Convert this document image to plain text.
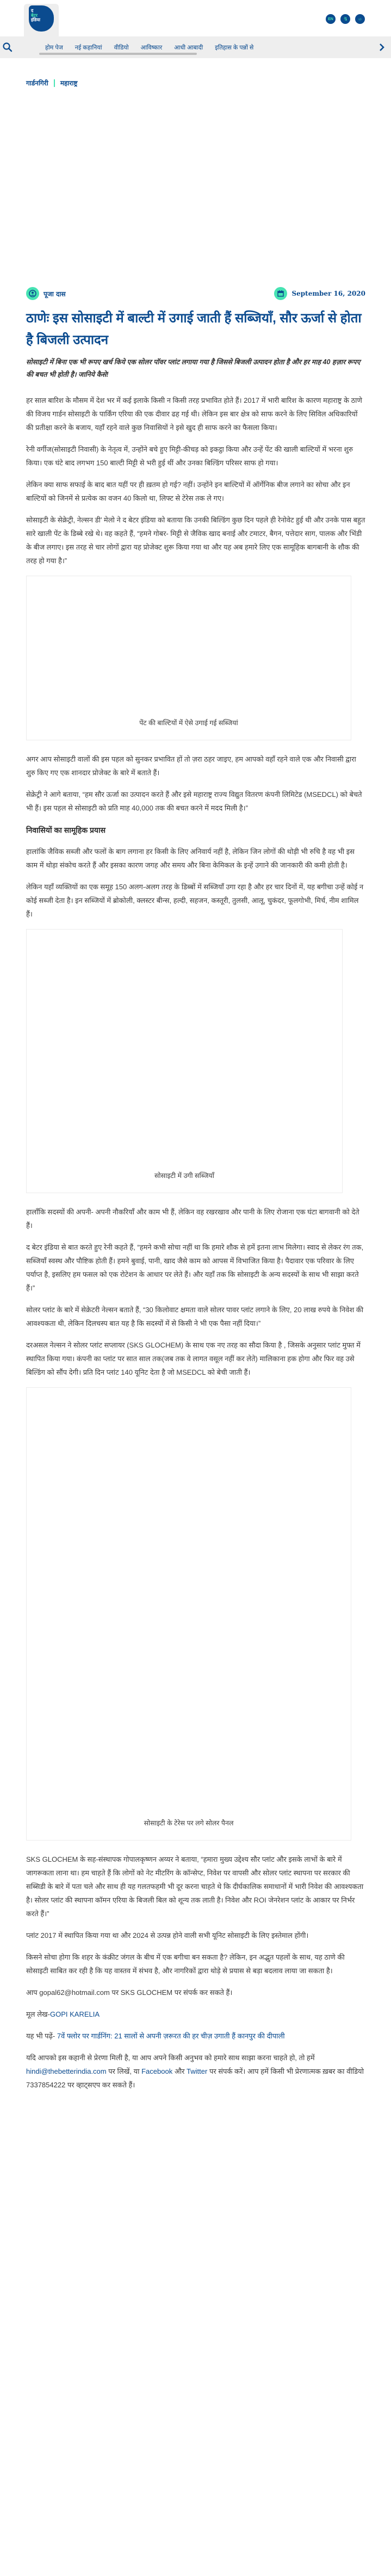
द
बेटर
इंडिया	EN	ગુ	ம
होम पेज	नई कहानियां	वीडियो	आविष्कार	आधी आबादी	इतिहास के पन्नों से
गार्डनगिरी महाराष्ट्र
पूजा दास	September 16, 2020
ठाणेः इस सोसाइटी में बाल्टी में उगाई जाती हैं सब्जियाँ, सौर ऊर्जा से होता है बिजली उत्पादन
सोसाइटी में बिना एक भी रूपए खर्च किये एक सोलर पॉवर प्लांट लगाया गया है जिससे बिजली उत्पादन होता है और हर माह 40 हज़ार रूपए की बचत भी होती है। जानिये कैसे!

हर साल बारिश के मौसम में देश भर में कई इलाके किसी न किसी तरह प्रभावित होते हैं। 2017 में भारी बारिश के कारण महाराष्ट्र के ठाणे की विजय गार्डन सोसाइटी के पार्किंग एरिया की एक दीवार ढह गई थी। लेकिन इस बार क्षेत्र को साफ करने के लिए सिविल अधिकारियों की प्रतीक्षा करने के बजाय, यहाँ रहने वाले कुछ निवासियों ने इसे खुद ही साफ करने का फैसला किया।

रेनी वर्गीज(सोसाइटी निवासी) के नेतृत्व में, उन्होंने बचे हुए मिट्टी-कीचड़ को इकट्ठा किया और उन्हें पेंट की खाली बाल्टियों में भरना शुरु किया। एक घंटे बाद लगभग 150 बाल्टी मिट्टी से भरी हुई थीं और उनका बिल्डिंग परिसर साफ हो गया।

लेकिन क्या साफ सफाई के बाद बात यहीं पर ही ख़तम हो गई? नहीं। उन्होंने इन बाल्टियों में ऑर्गेनिक बीज लगाने का सोचा और इन बाल्टियों को जिनमें से प्रत्येक का वजन 40 किलो था, लिफ्ट से टेरेस तक ले गए।

सोसाइटी के सेक्रेट्री, नेल्सन डी’ मेलो ने द बेटर इंडिया को बताया कि उनकी बिल्डिंग कुछ दिन पहले ही रेनोवेट हुई थी और उनके पास बहुत सारे खाली पेंट के डिब्बे रखे थे। वह कहते हैं, “हमने गोबर- मिट्टी से जैविक खाद बनाई और टमाटर, बैगन, पत्तेदार साग, पालक और भिंडी के बीज लगाए। इस तरह से चार लोगों द्वारा यह प्रोजेक्ट शुरू किया गया था और यह अब हमारे लिए एक सामूहिक बागबानी के शौक की तरह हो गया है।”

पेंट की बाल्टियों में ऐसे उगाई गई सब्जियां

अगर आप सोसाइटी वालों की इस पहल को सुनकर प्रभावित हों तो ज़रा ठहर जाइए, हम आपको वहाँ रहने वाले एक और निवासी द्वारा शुरु किए गए एक शानदार प्रोजेक्ट के बारे में बताते हैं।

सेक्रेट्री ने आगे बताया, “हम सौर ऊर्जा का उत्पादन करते हैं और इसे महाराष्ट्र राज्य विद्युत वितरण कंपनी लिमिटेड (MSEDCL) को बेचते भी हैं। इस पहल से सोसाइटी को प्रति माह 40,000 तक की बचत करने में मदद मिली है।”

निवासियों का सामूहिक प्रयास

हालांकि जैविक सब्जी और फलों के बाग लगाना हर किसी के लिए अनिवार्य नहीं है, लेकिन जिन लोगों की थोड़ी भी रुचि है वह भी इस काम में थोड़ा संकोच करते हैं और इसका कारण जगह और समय और बिना केमिकल के इन्हें उगाने की जानकारी की कमी होती है।

लेकिन यहाँ व्यक्तियों का एक समूह 150 अलग-अलग तरह के डिब्बों में सब्जियाँ उगा रहा है और हर चार दिनों में, यह बगीचा उन्हें कोई न कोई सब्जी देता है। इन सब्जियों में ब्रोकोली, क्लस्टर बीन्स, हल्दी, सहजन, कस्तूरी, तुलसी, आलू, चुकंदर, फूलगोभी, मिर्च, नीम शामिल हैं।

सोसाइटी में उगी सब्जियाँ

हालाँकि सदस्यों की अपनी- अपनी नौकरियाँ और काम भी हैं, लेकिन वह रखरखाव और पानी के लिए रोजाना एक घंटा बागवानी को देते हैं।

द बेटर इंडिया से बात करते हुए रेनी कहते हैं, “हमने कभी सोचा नहीं था कि हमारे शौक से हमें इतना लाभ मिलेगा। स्वाद से लेकर रंग तक, सब्जियाँ स्वस्थ और पौष्टिक होती हैं। हमने बुवाई, पानी, खाद जैसे काम को आपस में विभाजित किया है। पैदावार एक परिवार के लिए पर्याप्त है, इसलिए हम फसल को एक रोटेशन के आधार पर लेते हैं। और यहाँ तक कि सोसाइटी के अन्य सदस्यों के साथ भी साझा करते हैं।”

सोलर प्लांट के बारे में सेक्रेटरी नेल्सन बताते हैं, “30 किलोवाट क्षमता वाले सोलर पावर प्लांट लगाने के लिए, 20 लाख रुपये के निवेश की आवश्यकता थी, लेकिन दिलचस्प बात यह है कि सदस्यों में से किसी ने भी एक पैसा नहीं दिया।”

दरअसल नेल्सन ने सोलर प्लांट सप्लायर (SKS GLOCHEM) के साथ एक नए तरह का सौदा किया है , जिसके अनुसार प्लांट मुफ्त में स्थापित किया गया। कंपनी का प्लांट पर सात साल तक(जब तक वे लागत वसूल नहीं कर लेते) मालिकाना हक होगा और फिर वह उसे बिल्डिंग को सौंप देगी। प्रति दिन प्लांट 140 यूनिट देता है जो MSEDCL को बेची जाती हैं।

सोसाइटी के टेरेस पर लगे सोलर पैनल

SKS GLOCHEM के सह-संस्थापक गोपालकृष्णन अय्यर ने बताया, “हमारा मुख्य उद्देश्य सौर प्लांट और इसके लाभों के बारे में जागरूकता लाना था। हम चाहते हैं कि लोगों को नेट मीटरिंग के कॉन्सेप्ट, निवेश पर वापसी और सोलर प्लांट स्थापना पर सरकार की सब्सिडी के बारे में पता चले और साथ ही यह गलतफहमी भी दूर करना चाहते थे कि दीर्घकालिक समाधानों में भारी निवेश की आवश्यकता है। सोलर प्लांट की स्थापना कॉमन एरिया के बिजली बिल को शून्य तक लाती है। निवेश और ROI जेनरेशन प्लांट के आकार पर निर्भर करते हैं।”

प्लांट 2017 में स्थापित किया गया था और 2024 से उत्पन्न होने वाली सभी यूनिट सोसाइटी के लिए इस्तेमाल होंगी।

किसने सोचा होगा कि शहर के कंक्रीट जंगल के बीच में एक बगीचा बन सकता है? लेकिन, इन अद्भुत पहलों के साथ, यह ठाणे की सोसाइटी साबित कर रही है कि यह वास्तव में संभव है, और नागरिकों द्वारा थोड़े से प्रयास से बड़ा बदलाव लाया जा सकता है।

आप gopal62@hotmail.com पर SKS GLOCHEM पर संपर्क कर सकते हैं।

मूल लेख-GOPI KARELIA

यह भी पढ़ें- 7वें फ्लोर पर गार्डनिंग: 21 सालों से अपनी ज़रूरत की हर चीज़ उगाती हैं कानपुर की दीपाली

यदि आपको इस कहानी से प्रेरणा मिली है, या आप अपने किसी अनुभव को हमारे साथ साझा करना चाहते हो, तो हमें hindi@thebetterindia.com पर लिखें, या Facebook और Twitter पर संपर्क करें। आप हमें किसी भी प्रेरणात्मक ख़बर का वीडियो 7337854222 पर व्हाट्सएप कर सकते हैं।
